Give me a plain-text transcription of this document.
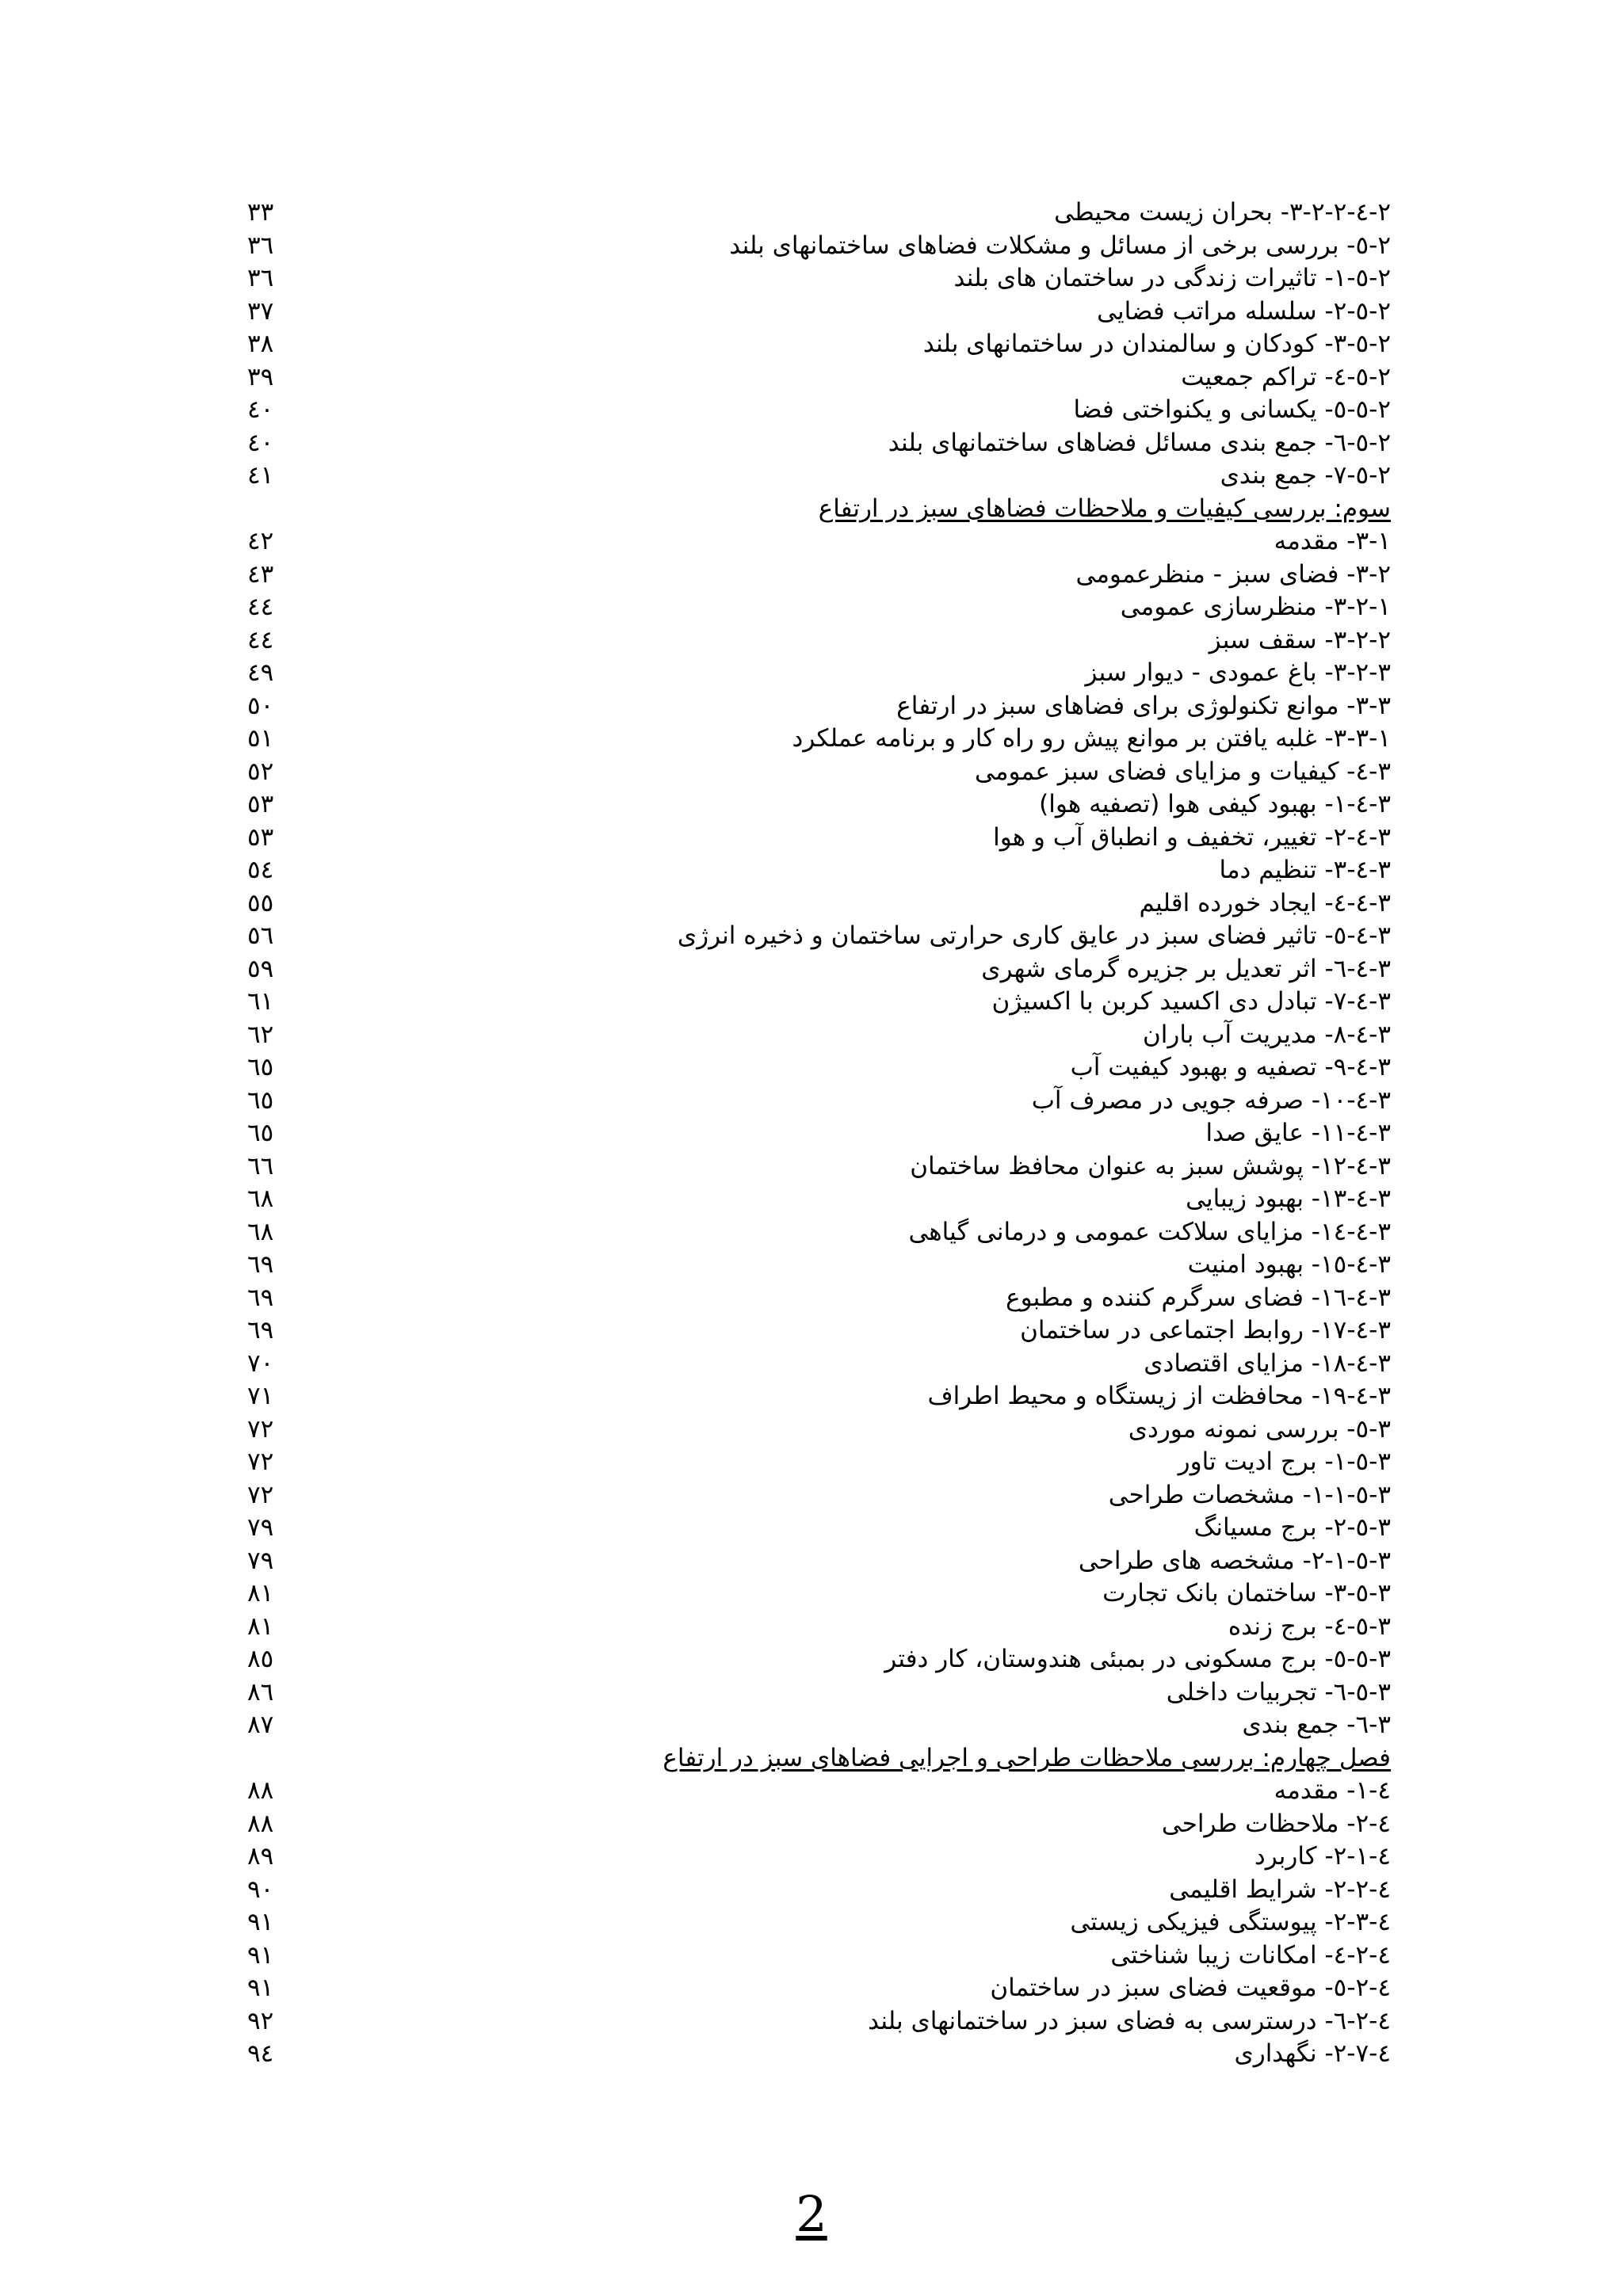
۲-٤-۳-۲-۲- بحران زیست محیطی
۳۳
۲-٥- بررسی برخی از مسائل و مشکلات فضاهای ساختمانهای بلند
۳٦
۲-٥-۱- تاثیرات زندگی در ساختمان های بلند
۳٦
۲-٥-۲- سلسله مراتب فضایی
۳۷
۲-٥-۳- کودکان و سالمندان در ساختمانهای بلند
۳۸
۲-٥-٤- تراکم جمعیت
۳۹
۲-٥-٥- یکسانی و یکنواختی فضا
٤۰
۲-٥-٦- جمع بندی مسائل فضاهای ساختمانهای بلند
٤۰
۲-٥-۷- جمع بندی
٤۱
سوم: بررسی کیفیات و ملاحظات فضاهای سبز در ارتفاع
۳-۱- مقدمه
٤۲
۳-۲- فضای سبز - منظرعمومی
٤۳
۳-۲-۱- منظرسازی عمومی
٤٤
۳-۲-۲- سقف سبز
٤٤
۳-۲-۳- باغ عمودی - دیوار سبز
٤۹
۳-۳- موانع تکنولوژی برای فضاهای سبز در ارتفاع
٥۰
۳-۳-۱- غلبه یافتن بر موانع پیش رو راه کار و برنامه عملکرد
٥۱
۳-٤- کیفیات و مزایای فضای سبز عمومی
٥۲
۳-٤-۱- بهبود کیفی هوا (تصفیه هوا)
٥۳
۳-٤-۲- تغییر، تخفیف و انطباق آب و هوا
٥۳
۳-٤-۳- تنظیم دما
٥٤
۳-٤-٤- ایجاد خورده اقلیم
٥٥
۳-٤-٥- تاثیر فضای سبز در عایق کاری حرارتی ساختمان و ذخیره انرژی
٥٦
۳-٤-٦- اثر تعدیل بر جزیره گرمای شهری
٥۹
۳-٤-۷- تبادل دی اکسید کربن با اکسیژن
٦۱
۳-٤-۸- مدیریت آب باران
٦۲
۳-٤-۹- تصفیه و بهبود کیفیت آب
٦٥
۳-٤-۱۰- صرفه جویی در مصرف آب
٦٥
۳-٤-۱۱- عایق صدا
٦٥
۳-٤-۱۲- پوشش سبز به عنوان محافظ ساختمان
٦٦
۳-٤-۱۳- بهبود زیبایی
٦۸
۳-٤-۱٤- مزایای سلاکت عمومی و درمانی گیاهی
٦۸
۳-٤-۱٥- بهبود امنیت
٦۹
۳-٤-۱٦- فضای سرگرم کننده و مطبوع
٦۹
۳-٤-۱۷- روابط اجتماعی در ساختمان
٦۹
۳-٤-۱۸- مزایای اقتصادی
۷۰
۳-٤-۱۹- محافظت از زیستگاه و محیط اطراف
۷۱
۳-٥- بررسی نمونه موردی
۷۲
۳-٥-۱- برج ادیت تاور
۷۲
۳-٥-۱-۱- مشخصات طراحی
۷۲
۳-٥-۲- برج مسیانگ
۷۹
۳-٥-۲-۱- مشخصه های طراحی
۷۹
۳-٥-۳- ساختمان بانک تجارت
۸۱
۳-٥-٤- برج زنده
۸۱
۳-٥-٥- برج مسکونی در بمبئی هندوستان، کار دفتر
۸٥
۳-٥-٦- تجربیات داخلی
۸٦
۳-٦- جمع بندی
۸۷
فصل چهارم: بررسی ملاحظات طراحی و اجرایی فضاهای سبز در ارتفاع
٤-۱- مقدمه
۸۸
٤-۲- ملاحظات طراحی
۸۸
٤-۲-۱- کاربرد
۸۹
٤-۲-۲- شرایط اقلیمی
۹۰
٤-۲-۳- پیوستگی فیزیکی زیستی
۹۱
٤-۲-٤- امکانات زیبا شناختی
۹۱
٤-۲-٥- موقعیت فضای سبز در ساختمان
۹۱
٤-۲-٦- درسترسی به فضای سبز در ساختمانهای بلند
۹۲
٤-۲-۷- نگهداری
۹٤
2
